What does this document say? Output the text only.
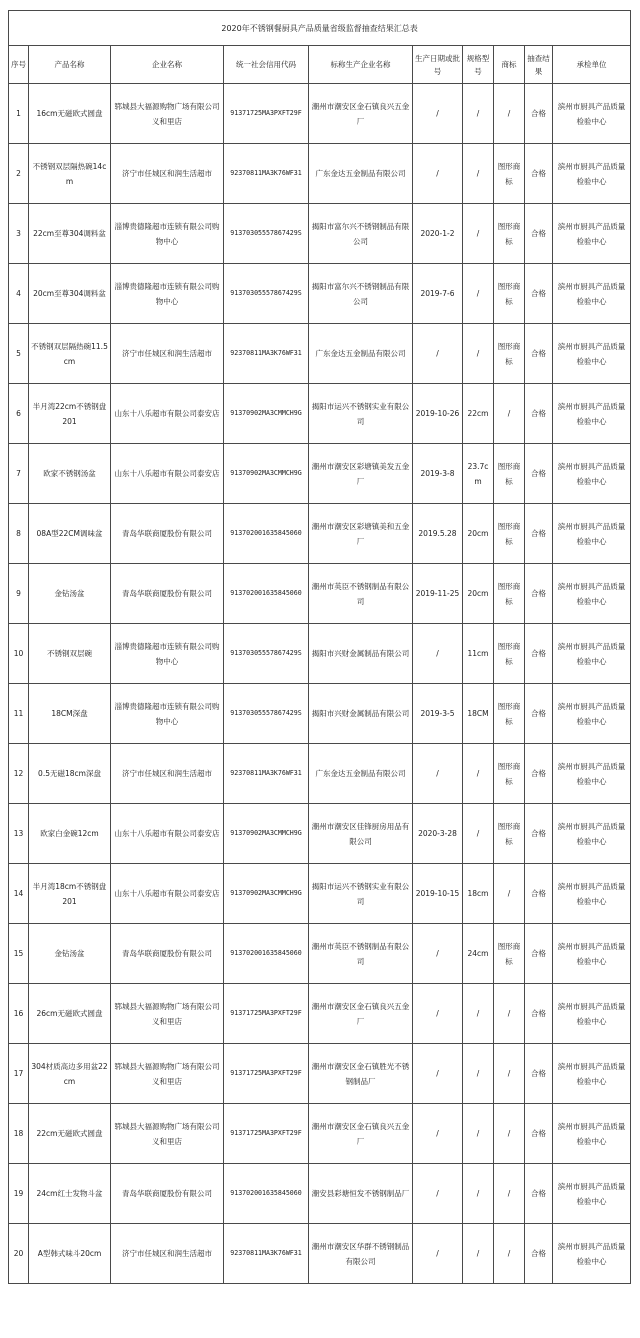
2020年不锈钢餐厨具产品质量省级监督抽查结果汇总表									
序号	产品名称	企业名称	统一社会信用代码	标称生产企业名称	生产日期或批号	规格型号	商标	抽查结果	承检单位
1	16cm无磁欧式圆盘	郓城县大福源购物广场有限公司义和里店	91371725MA3PXFT29F	潮州市潮安区金石镇良兴五金厂	/	/	/	合格	滨州市厨具产品质量检验中心
2	不锈钢双层隔热碗14cm	济宁市任城区和润生活超市	92370811MA3K76WF31	广东金达五金制品有限公司	/	/	图形商标	合格	滨州市厨具产品质量检验中心
3	22cm至尊304调料盆	淄博贵德隆超市连锁有限公司购物中心	91370305557867429S	揭阳市富尔兴不锈钢制品有限公司	2020-1-2	/	图形商标	合格	滨州市厨具产品质量检验中心
4	20cm至尊304调料盆	淄博贵德隆超市连锁有限公司购物中心	91370305557867429S	揭阳市富尔兴不锈钢制品有限公司	2019-7-6	/	图形商标	合格	滨州市厨具产品质量检验中心
5	不锈钢双层隔热碗11.5cm	济宁市任城区和润生活超市	92370811MA3K76WF31	广东金达五金制品有限公司	/	/	图形商标	合格	滨州市厨具产品质量检验中心
6	半月湾22cm不锈钢盘201	山东十八乐超市有限公司泰安店	91370902MA3CMMCH9G	揭阳市运兴不锈钢实业有限公司	2019-10-26	22cm	/	合格	滨州市厨具产品质量检验中心
7	欧家不锈钢汤盆	山东十八乐超市有限公司泰安店	91370902MA3CMMCH9G	潮州市潮安区彩塘镇美发五金厂	2019-3-8	23.7cm	图形商标	合格	滨州市厨具产品质量检验中心
8	08A型22CM调味盆	青岛华联商厦股份有限公司	913702001635845060	潮州市潮安区彩塘镇美和五金厂	2019.5.28	20cm	图形商标	合格	滨州市厨具产品质量检验中心
9	金钻汤盆	青岛华联商厦股份有限公司	913702001635845060	潮州市英臣不锈钢制品有限公司	2019-11-25	20cm	图形商标	合格	滨州市厨具产品质量检验中心
10	不锈钢双层碗	淄博贵德隆超市连锁有限公司购物中心	91370305557867429S	揭阳市兴财金属制品有限公司	/	11cm	图形商标	合格	滨州市厨具产品质量检验中心
11	18CM深盘	淄博贵德隆超市连锁有限公司购物中心	91370305557867429S	揭阳市兴财金属制品有限公司	2019-3-5	18CM	图形商标	合格	滨州市厨具产品质量检验中心
12	0.5无磁18cm深盘	济宁市任城区和润生活超市	92370811MA3K76WF31	广东金达五金制品有限公司	/	/	图形商标	合格	滨州市厨具产品质量检验中心
13	欧家白金碗12cm	山东十八乐超市有限公司泰安店	91370902MA3CMMCH9G	潮州市潮安区佳锋厨房用品有限公司	2020-3-28	/	图形商标	合格	滨州市厨具产品质量检验中心
14	半月湾18cm不锈钢盘201	山东十八乐超市有限公司泰安店	91370902MA3CMMCH9G	揭阳市运兴不锈钢实业有限公司	2019-10-15	18cm	/	合格	滨州市厨具产品质量检验中心
15	金钻汤盆	青岛华联商厦股份有限公司	913702001635845060	潮州市英臣不锈钢制品有限公司	/	24cm	图形商标	合格	滨州市厨具产品质量检验中心
16	26cm无磁欧式圆盘	郓城县大福源购物广场有限公司义和里店	91371725MA3PXFT29F	潮州市潮安区金石镇良兴五金厂	/	/	/	合格	滨州市厨具产品质量检验中心
17	304材质高边多用盆22cm	郓城县大福源购物广场有限公司义和里店	91371725MA3PXFT29F	潮州市潮安区金石镇胜光不锈钢制品厂	/	/	/	合格	滨州市厨具产品质量检验中心
18	22cm无磁欧式圆盘	郓城县大福源购物广场有限公司义和里店	91371725MA3PXFT29F	潮州市潮安区金石镇良兴五金厂	/	/	/	合格	滨州市厨具产品质量检验中心
19	24cm红士发物斗盆	青岛华联商厦股份有限公司	913702001635845060	潮安县彩塘恒发不锈钢制品厂	/	/	/	合格	滨州市厨具产品质量检验中心
20	A型韩式味斗20cm	济宁市任城区和润生活超市	92370811MA3K76WF31	潮州市潮安区华群不锈钢制品有限公司	/	/	/	合格	滨州市厨具产品质量检验中心
